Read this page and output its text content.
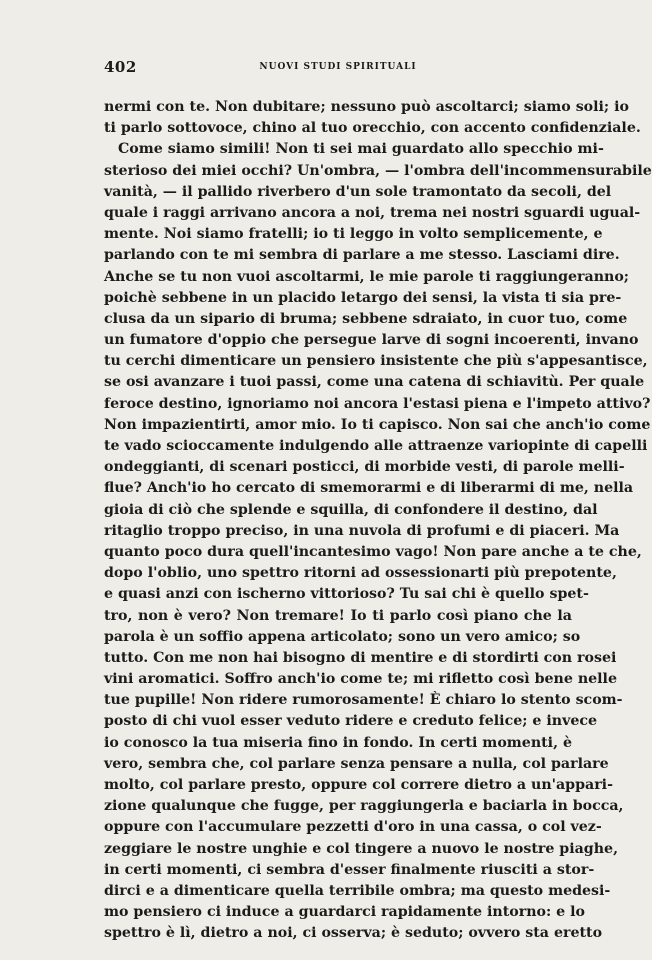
402	NUOVI STUDI SPIRITUALI
nermi con te. Non dubitare; nessuno può ascoltarci; siamo soli; io
ti parlo sottovoce, chino al tuo orecchio, con accento confidenziale.
Come siamo simili! Non ti sei mai guardato allo specchio mi-
sterioso dei miei occhi? Un'ombra, — l'ombra dell'incommensurabile
vanità, — il pallido riverbero d'un sole tramontato da secoli, del
quale i raggi arrivano ancora a noi, trema nei nostri sguardi ugual-
mente. Noi siamo fratelli; io ti leggo in volto semplicemente, e
parlando con te mi sembra di parlare a me stesso. Lasciami dire.
Anche se tu non vuoi ascoltarmi, le mie parole ti raggiungeranno;
poichè sebbene in un placido letargo dei sensi, la vista ti sia pre-
clusa da un sipario di bruma; sebbene sdraiato, in cuor tuo, come
un fumatore d'oppio che persegue larve di sogni incoerenti, invano
tu cerchi dimenticare un pensiero insistente che più s'appesantisce,
se osi avanzare i tuoi passi, come una catena di schiavitù. Per quale
feroce destino, ignoriamo noi ancora l'estasi piena e l'impeto attivo?
Non impazientirti, amor mio. Io ti capisco. Non sai che anch'io come
te vado scioccamente indulgendo alle attraenze variopinte di capelli
ondeggianti, di scenari posticci, di morbide vesti, di parole melli-
flue? Anch'io ho cercato di smemorarmi e di liberarmi di me, nella
gioia di ciò che splende e squilla, di confondere il destino, dal
ritaglio troppo preciso, in una nuvola di profumi e di piaceri. Ma
quanto poco dura quell'incantesimo vago! Non pare anche a te che,
dopo l'oblio, uno spettro ritorni ad ossessionarti più prepotente,
e quasi anzi con ischerno vittorioso? Tu sai chi è quello spet-
tro, non è vero? Non tremare! Io ti parlo così piano che la
parola è un soffio appena articolato; sono un vero amico; so
tutto. Con me non hai bisogno di mentire e di stordirti con rosei
vini aromatici. Soffro anch'io come te; mi rifletto così bene nelle
tue pupille! Non ridere rumorosamente! È chiaro lo stento scom-
posto di chi vuol esser veduto ridere e creduto felice; e invece
io conosco la tua miseria fino in fondo. In certi momenti, è
vero, sembra che, col parlare senza pensare a nulla, col parlare
molto, col parlare presto, oppure col correre dietro a un'appari-
zione qualunque che fugge, per raggiungerla e baciarla in bocca,
oppure con l'accumulare pezzetti d'oro in una cassa, o col vez-
zeggiare le nostre unghie e col tingere a nuovo le nostre piaghe,
in certi momenti, ci sembra d'esser finalmente riusciti a stor-
dirci e a dimenticare quella terribile ombra; ma questo medesi-
mo pensiero ci induce a guardarci rapidamente intorno: e lo
spettro è lì, dietro a noi, ci osserva; è seduto; ovvero sta eretto
